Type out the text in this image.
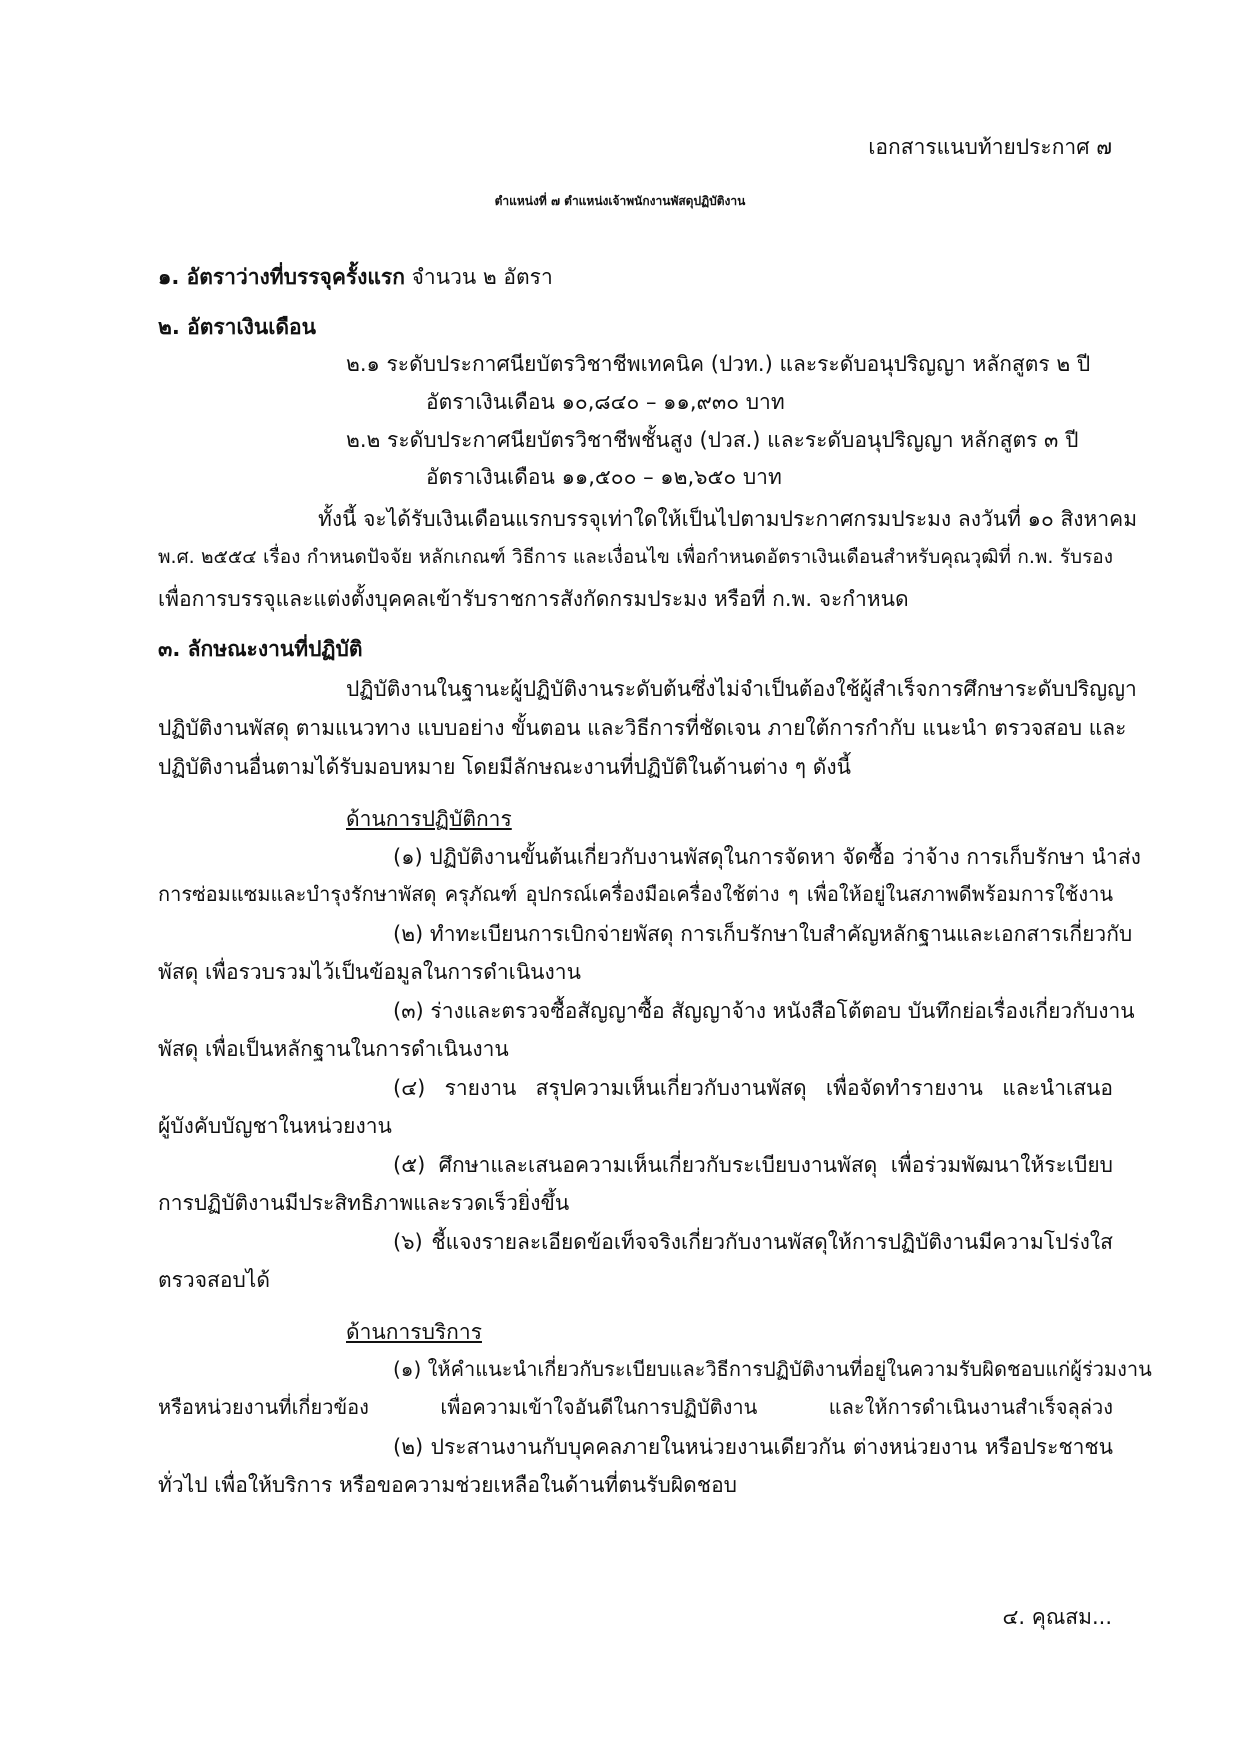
เอกสารแนบท้ายประกาศ ๗
ตำแหน่งที่ ๗ ตำแหน่งเจ้าพนักงานพัสดุปฏิบัติงาน
๑. อัตราว่างที่บรรจุครั้งแรก จำนวน ๒ อัตรา
๒. อัตราเงินเดือน
๒.๑ ระดับประกาศนียบัตรวิชาชีพเทคนิค (ปวท.) และระดับอนุปริญญา หลักสูตร ๒ ปี
อัตราเงินเดือน ๑๐,๘๔๐ – ๑๑,๙๓๐ บาท
๒.๒ ระดับประกาศนียบัตรวิชาชีพชั้นสูง (ปวส.) และระดับอนุปริญญา หลักสูตร ๓ ปี
อัตราเงินเดือน ๑๑,๕๐๐ – ๑๒,๖๕๐ บาท
ทั้งนี้ จะได้รับเงินเดือนแรกบรรจุเท่าใดให้เป็นไปตามประกาศกรมประมง ลงวันที่ ๑๐ สิงหาคม
พ.ศ. ๒๕๕๔ เรื่อง กำหนดปัจจัย หลักเกณฑ์ วิธีการ และเงื่อนไข เพื่อกำหนดอัตราเงินเดือนสำหรับคุณวุฒิที่ ก.พ. รับรอง
เพื่อการบรรจุและแต่งตั้งบุคคลเข้ารับราชการสังกัดกรมประมง หรือที่ ก.พ. จะกำหนด
๓. ลักษณะงานที่ปฏิบัติ
ปฏิบัติงานในฐานะผู้ปฏิบัติงานระดับต้นซึ่งไม่จำเป็นต้องใช้ผู้สำเร็จการศึกษาระดับปริญญา
ปฏิบัติงานพัสดุ ตามแนวทาง แบบอย่าง ขั้นตอน และวิธีการที่ชัดเจน ภายใต้การกำกับ แนะนำ ตรวจสอบ และ
ปฏิบัติงานอื่นตามได้รับมอบหมาย โดยมีลักษณะงานที่ปฏิบัติในด้านต่าง ๆ ดังนี้
ด้านการปฏิบัติการ
(๑) ปฏิบัติงานขั้นต้นเกี่ยวกับงานพัสดุในการจัดหา จัดซื้อ ว่าจ้าง การเก็บรักษา นำส่ง
การซ่อมแซมและบำรุงรักษาพัสดุ ครุภัณฑ์ อุปกรณ์เครื่องมือเครื่องใช้ต่าง ๆ เพื่อให้อยู่ในสภาพดีพร้อมการใช้งาน
(๒) ทำทะเบียนการเบิกจ่ายพัสดุ การเก็บรักษาใบสำคัญหลักฐานและเอกสารเกี่ยวกับ
พัสดุ เพื่อรวบรวมไว้เป็นข้อมูลในการดำเนินงาน
(๓) ร่างและตรวจซื้อสัญญาซื้อ สัญญาจ้าง หนังสือโต้ตอบ บันทึกย่อเรื่องเกี่ยวกับงาน
พัสดุ เพื่อเป็นหลักฐานในการดำเนินงาน
(๔) รายงาน สรุปความเห็นเกี่ยวกับงานพัสดุ เพื่อจัดทำรายงาน และนำเสนอ
ผู้บังคับบัญชาในหน่วยงาน
(๕) ศึกษาและเสนอความเห็นเกี่ยวกับระเบียบงานพัสดุ เพื่อร่วมพัฒนาให้ระเบียบ
การปฏิบัติงานมีประสิทธิภาพและรวดเร็วยิ่งขึ้น
(๖) ชี้แจงรายละเอียดข้อเท็จจริงเกี่ยวกับงานพัสดุให้การปฏิบัติงานมีความโปร่งใส
ตรวจสอบได้
ด้านการบริการ
(๑) ให้คำแนะนำเกี่ยวกับระเบียบและวิธีการปฏิบัติงานที่อยู่ในความรับผิดชอบแก่ผู้ร่วมงาน
หรือหน่วยงานที่เกี่ยวข้อง เพื่อความเข้าใจอันดีในการปฏิบัติงาน และให้การดำเนินงานสำเร็จลุล่วง
(๒) ประสานงานกับบุคคลภายในหน่วยงานเดียวกัน ต่างหน่วยงาน หรือประชาชน
ทั่วไป เพื่อให้บริการ หรือขอความช่วยเหลือในด้านที่ตนรับผิดชอบ
๔. คุณสม...
